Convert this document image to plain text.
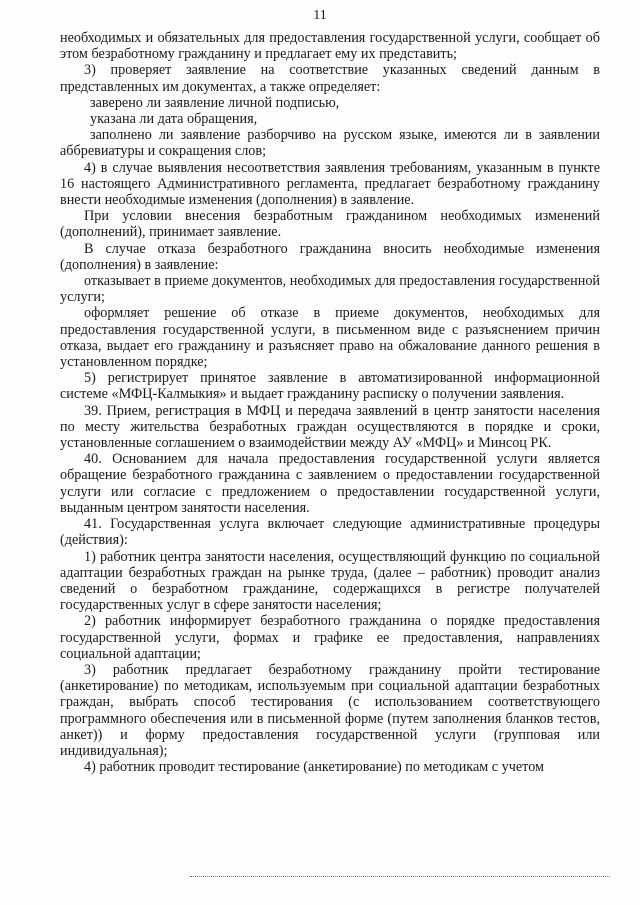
11

необходимых и обязательных для предоставления государственной услуги, сообщает об этом безработному гражданину и предлагает ему их представить;

3) проверяет заявление на соответствие указанных сведений данным в представленных им документах, а также определяет:

заверено ли заявление личной подписью,

указана ли дата обращения,

заполнено ли заявление разборчиво на русском языке, имеются ли в заявлении аббревиатуры и сокращения слов;

4) в случае выявления несоответствия заявления требованиям, указанным в пункте 16 настоящего Административного регламента, предлагает безработному гражданину внести необходимые изменения (дополнения) в заявление.

При условии внесения безработным гражданином необходимых изменений (дополнений), принимает заявление.

В случае отказа безработного гражданина вносить необходимые изменения (дополнения) в заявление:

отказывает в приеме документов, необходимых для предоставления государственной услуги;

оформляет решение об отказе в приеме документов, необходимых для предоставления государственной услуги, в письменном виде с разъяснением причин отказа, выдает его гражданину и разъясняет право на обжалование данного решения в установленном порядке;

5) регистрирует принятое заявление в автоматизированной информационной системе «МФЦ-Калмыкия» и выдает гражданину расписку о получении заявления.

39. Прием, регистрация в МФЦ и передача заявлений в центр занятости населения по месту жительства безработных граждан осуществляются в порядке и сроки, установленные соглашением о взаимодействии между АУ «МФЦ» и Минсоц РК.

40. Основанием для начала предоставления государственной услуги является обращение безработного гражданина с заявлением о предоставлении государственной услуги или согласие с предложением о предоставлении государственной услуги, выданным центром занятости населения.

41. Государственная услуга включает следующие административные процедуры (действия):

1) работник центра занятости населения, осуществляющий функцию по социальной адаптации безработных граждан на рынке труда, (далее – работник) проводит анализ сведений о безработном гражданине, содержащихся в регистре получателей государственных услуг в сфере занятости населения;

2) работник информирует безработного гражданина о порядке предоставления государственной услуги, формах и графике ее предоставления, направлениях социальной адаптации;

3) работник предлагает безработному гражданину пройти тестирование (анкетирование) по методикам, используемым при социальной адаптации безработных граждан, выбрать способ тестирования (с использованием соответствующего программного обеспечения или в письменной форме (путем заполнения бланков тестов, анкет)) и форму предоставления государственной услуги (групповая или индивидуальная);

4) работник проводит тестирование (анкетирование) по методикам с учетом
